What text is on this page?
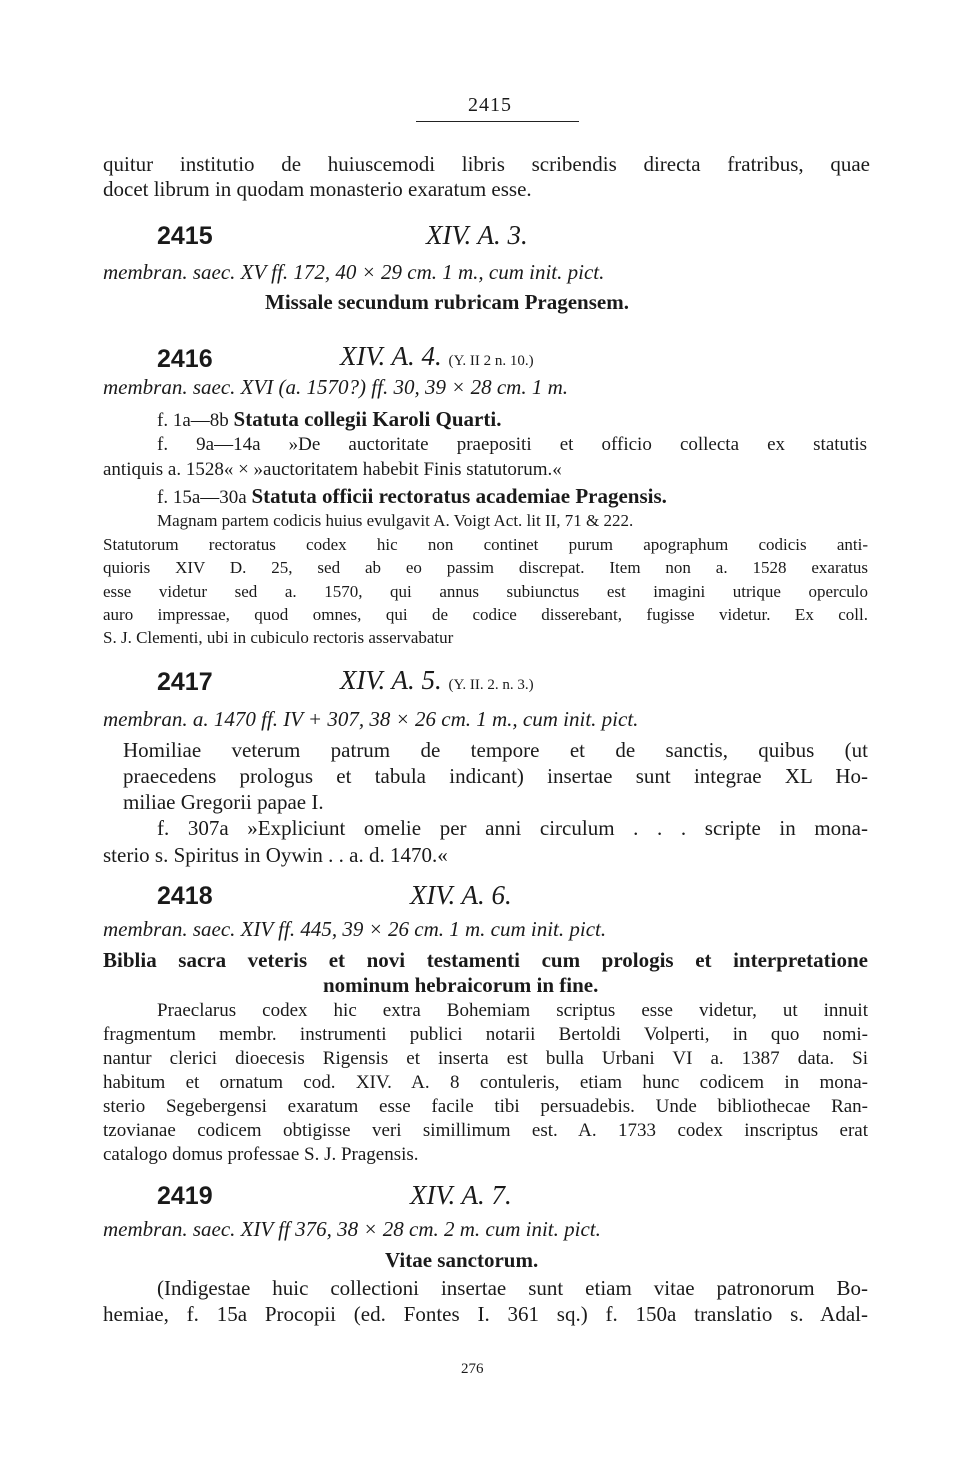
2415
quitur institutio de huiuscemodi libris scribendis directa fratribus, quae
docet librum in quodam monasterio exaratum esse.
2415	XIV. A. 3.
membran. saec. XV ff. 172, 40 × 29 cm. 1 m., cum init. pict.
Missale secundum rubricam Pragensem.
2416	XIV. A. 4. (Y. II 2 n. 10.)
membran. saec. XVI (a. 1570?) ff. 30, 39 × 28 cm. 1 m.
f. 1a—8b Statuta collegii Karoli Quarti.
f. 9a—14a »De auctoritate praepositi et officio collecta ex statutis
antiquis a. 1528« × »auctoritatem habebit Finis statutorum.«
f. 15a—30a Statuta officii rectoratus academiae Pragensis.
Magnam partem codicis huius evulgavit A. Voigt Act. lit II, 71 & 222.
Statutorum rectoratus codex hic non continet purum apographum codicis anti-
quioris XIV D. 25, sed ab eo passim discrepat. Item non a. 1528 exaratus
esse videtur sed a. 1570, qui annus subiunctus est imagini utrique operculo
auro impressae, quod omnes, qui de codice disserebant, fugisse videtur. Ex coll.
S. J. Clementi, ubi in cubiculo rectoris asservabatur
2417	XIV. A. 5. (Y. II. 2. n. 3.)
membran. a. 1470 ff. IV + 307, 38 × 26 cm. 1 m., cum init. pict.
Homiliae veterum patrum de tempore et de sanctis, quibus (ut
praecedens prologus et tabula indicant) insertae sunt integrae XL Ho-
miliae Gregorii papae I.
f. 307a »Expliciunt omelie per anni circulum . . . scripte in mona-
sterio s. Spiritus in Oywin . . a. d. 1470.«
2418	XIV. A. 6.
membran. saec. XIV ff. 445, 39 × 26 cm. 1 m. cum init. pict.
Biblia sacra veteris et novi testamenti cum prologis et interpretatione
nominum hebraicorum in fine.
Praeclarus codex hic extra Bohemiam scriptus esse videtur, ut innuit
fragmentum membr. instrumenti publici notarii Bertoldi Volperti, in quo nomi-
nantur clerici dioecesis Rigensis et inserta est bulla Urbani VI a. 1387 data. Si
habitum et ornatum cod. XIV. A. 8 contuleris, etiam hunc codicem in mona-
sterio Segebergensi exaratum esse facile tibi persuadebis. Unde bibliothecae Ran-
tzovianae codicem obtigisse veri simillimum est. A. 1733 codex inscriptus erat
catalogo domus professae S. J. Pragensis.
2419	XIV. A. 7.
membran. saec. XIV ff 376, 38 × 28 cm. 2 m. cum init. pict.
Vitae sanctorum.
(Indigestae huic collectioni insertae sunt etiam vitae patronorum Bo-
hemiae, f. 15a Procopii (ed. Fontes I. 361 sq.) f. 150a translatio s. Adal-
276
